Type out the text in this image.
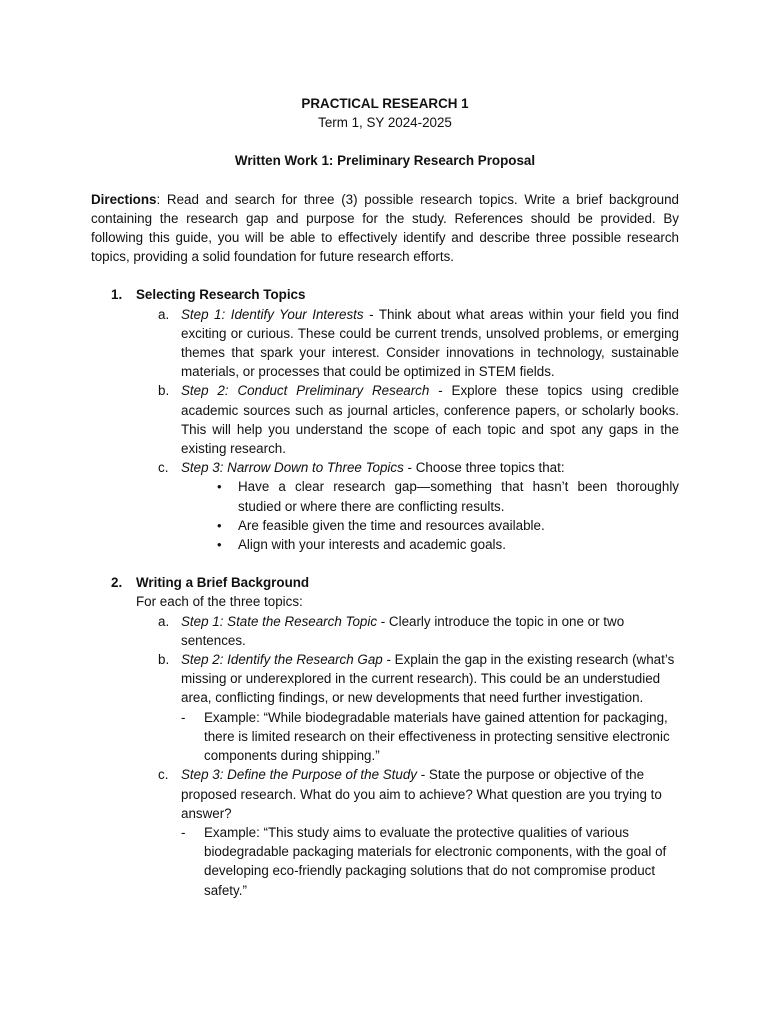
PRACTICAL RESEARCH 1
Term 1, SY 2024-2025
Written Work 1: Preliminary Research Proposal
Directions: Read and search for three (3) possible research topics. Write a brief background containing the research gap and purpose for the study. References should be provided. By following this guide, you will be able to effectively identify and describe three possible research topics, providing a solid foundation for future research efforts.
1. Selecting Research Topics
a. Step 1: Identify Your Interests - Think about what areas within your field you find exciting or curious. These could be current trends, unsolved problems, or emerging themes that spark your interest. Consider innovations in technology, sustainable materials, or processes that could be optimized in STEM fields.
b. Step 2: Conduct Preliminary Research - Explore these topics using credible academic sources such as journal articles, conference papers, or scholarly books. This will help you understand the scope of each topic and spot any gaps in the existing research.
c. Step 3: Narrow Down to Three Topics - Choose three topics that:
• Have a clear research gap—something that hasn’t been thoroughly studied or where there are conflicting results.
• Are feasible given the time and resources available.
• Align with your interests and academic goals.
2. Writing a Brief Background
For each of the three topics:
a. Step 1: State the Research Topic - Clearly introduce the topic in one or two sentences.
b. Step 2: Identify the Research Gap - Explain the gap in the existing research (what’s missing or underexplored in the current research). This could be an understudied area, conflicting findings, or new developments that need further investigation.
- Example: “While biodegradable materials have gained attention for packaging, there is limited research on their effectiveness in protecting sensitive electronic components during shipping.”
c. Step 3: Define the Purpose of the Study - State the purpose or objective of the proposed research. What do you aim to achieve? What question are you trying to answer?
- Example: “This study aims to evaluate the protective qualities of various biodegradable packaging materials for electronic components, with the goal of developing eco-friendly packaging solutions that do not compromise product safety.”
